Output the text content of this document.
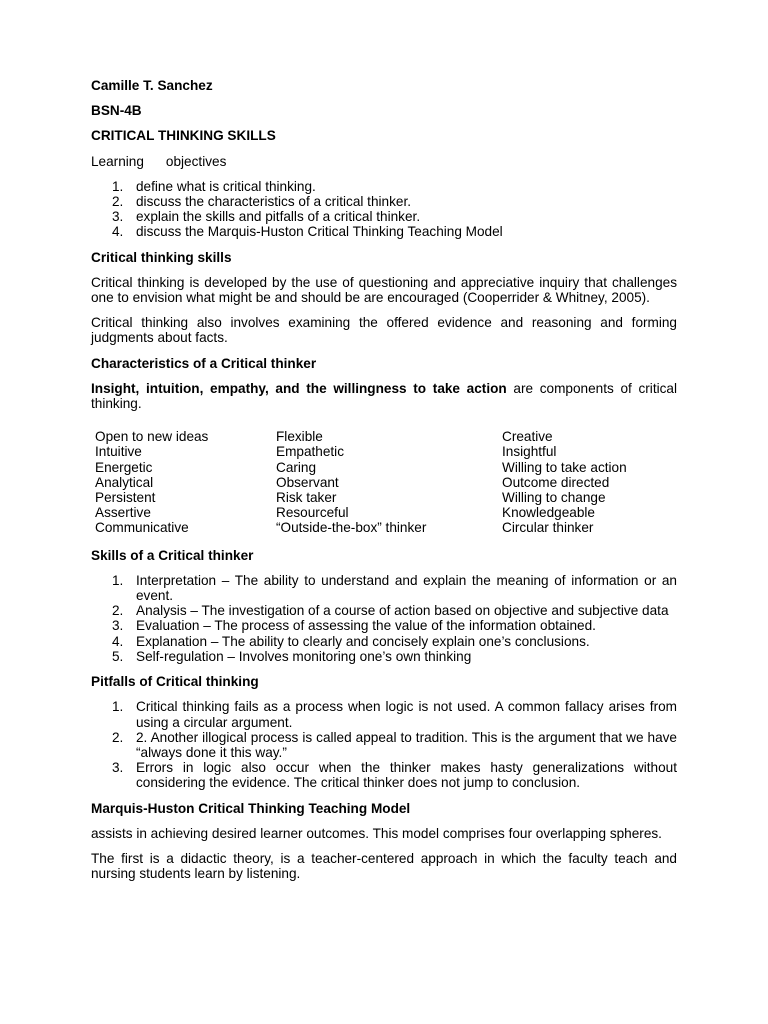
Camille T. Sanchez

BSN-4B

CRITICAL THINKING SKILLS

Learning objectives

1. define what is critical thinking.
2. discuss the characteristics of a critical thinker.
3. explain the skills and pitfalls of a critical thinker.
4. discuss the Marquis-Huston Critical Thinking Teaching Model

Critical thinking skills

Critical thinking is developed by the use of questioning and appreciative inquiry that challenges one to envision what might be and should be are encouraged (Cooperrider & Whitney, 2005).

Critical thinking also involves examining the offered evidence and reasoning and forming judgments about facts.

Characteristics of a Critical thinker

Insight, intuition, empathy, and the willingness to take action are components of critical thinking.

Open to new ideas	Flexible	Creative
Intuitive	Empathetic	Insightful
Energetic	Caring	Willing to take action
Analytical	Observant	Outcome directed
Persistent	Risk taker	Willing to change
Assertive	Resourceful	Knowledgeable
Communicative	“Outside-the-box” thinker	Circular thinker

Skills of a Critical thinker

1. Interpretation – The ability to understand and explain the meaning of information or an event.
2. Analysis – The investigation of a course of action based on objective and subjective data
3. Evaluation – The process of assessing the value of the information obtained.
4. Explanation – The ability to clearly and concisely explain one’s conclusions.
5. Self-regulation – Involves monitoring one’s own thinking

Pitfalls of Critical thinking

1. Critical thinking fails as a process when logic is not used. A common fallacy arises from using a circular argument.
2. 2. Another illogical process is called appeal to tradition. This is the argument that we have “always done it this way.”
3. Errors in logic also occur when the thinker makes hasty generalizations without considering the evidence. The critical thinker does not jump to conclusion.

Marquis-Huston Critical Thinking Teaching Model

assists in achieving desired learner outcomes. This model comprises four overlapping spheres.

The first is a didactic theory, is a teacher-centered approach in which the faculty teach and nursing students learn by listening.
